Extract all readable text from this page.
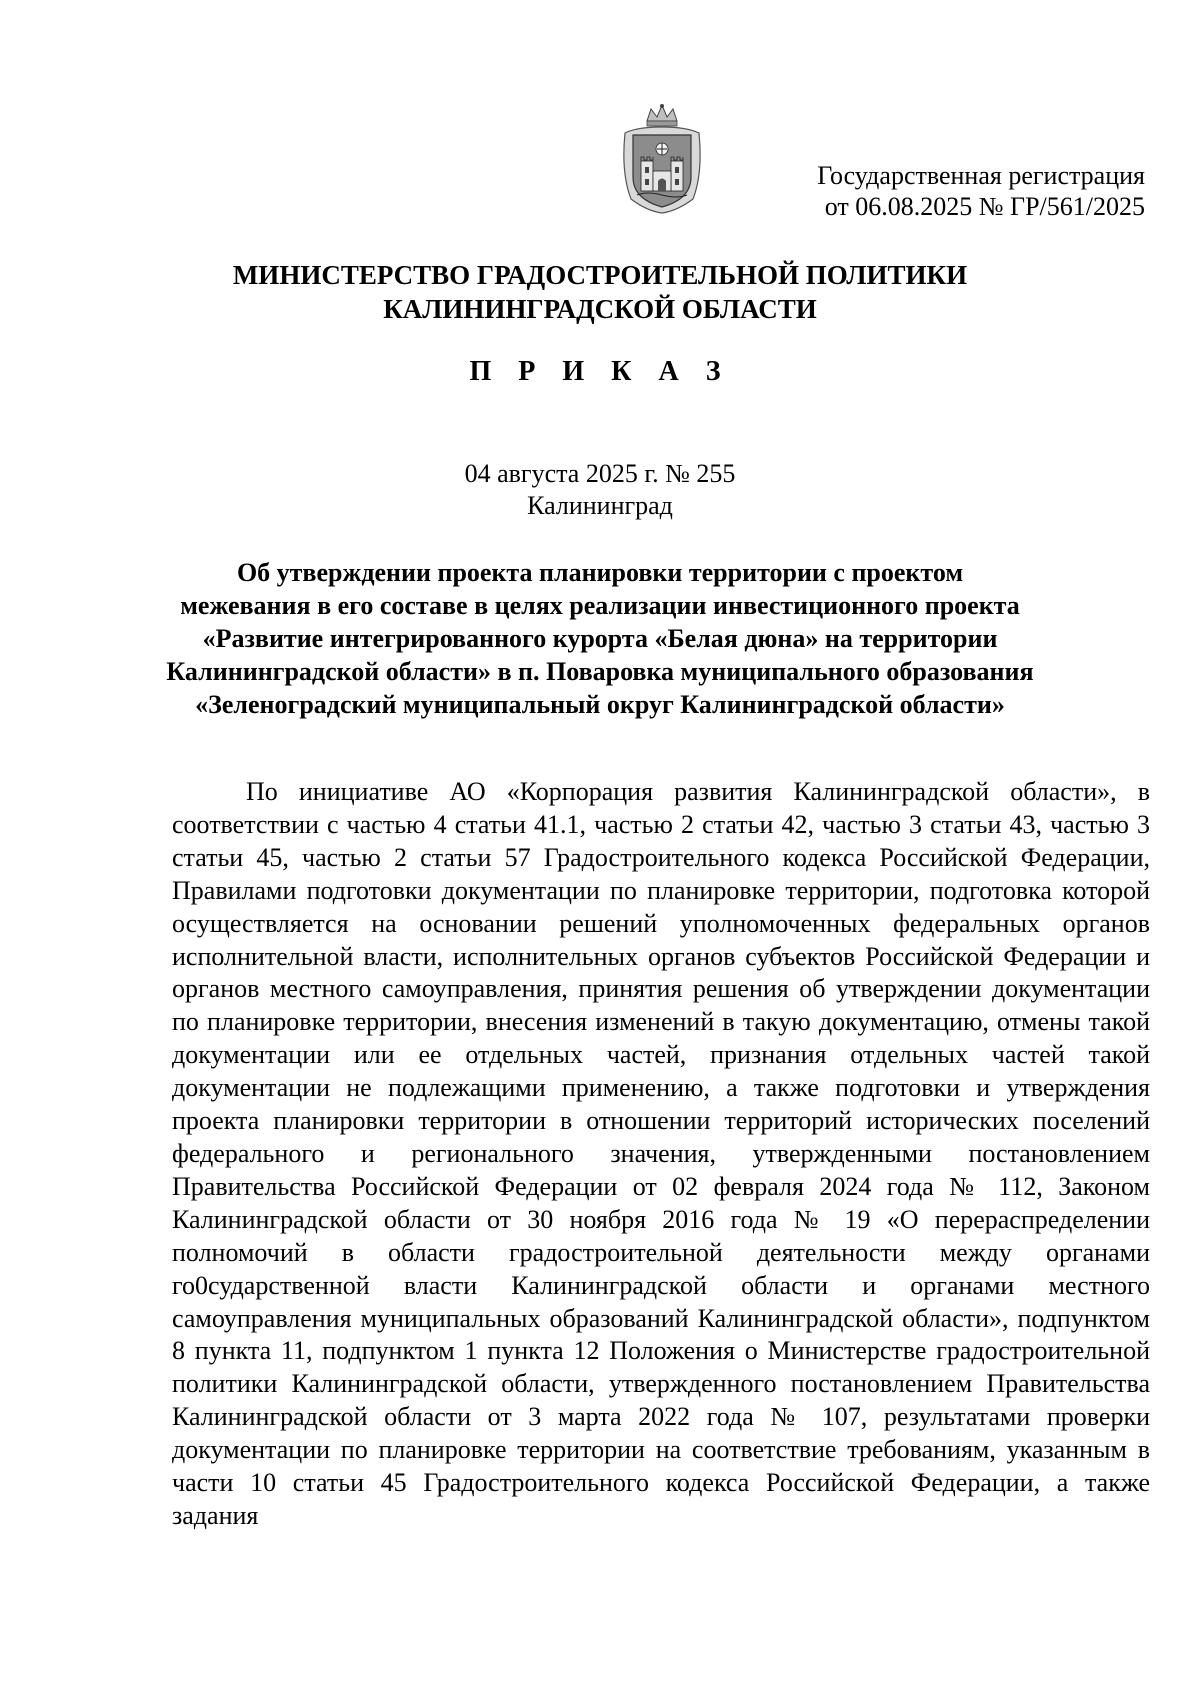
Государственная регистрация
от 06.08.2025 № ГР/561/2025
МИНИСТЕРСТВО ГРАДОСТРОИТЕЛЬНОЙ ПОЛИТИКИ
КАЛИНИНГРАДСКОЙ ОБЛАСТИ
П Р И К А З
04 августа 2025 г. № 255
Калининград
Об утверждении проекта планировки территории с проектом
межевания в его составе в целях реализации инвестиционного проекта
«Развитие интегрированного курорта «Белая дюна» на территории
Калининградской области» в п. Поваровка муниципального образования
«Зеленоградский муниципальный округ Калининградской области»

По инициативе АО «Корпорация развития Калининградской области», в соответствии с частью 4 статьи 41.1, частью 2 статьи 42, частью 3 статьи 43, частью 3 статьи 45, частью 2 статьи 57 Градостроительного кодекса Российской Федерации, Правилами подготовки документации по планировке территории, подготовка которой осуществляется на основании решений уполномоченных федеральных органов исполнительной власти, исполнительных органов субъектов Российской Федерации и органов местного самоуправления, принятия решения об утверждении документации по планировке территории, внесения изменений в такую документацию, отмены такой документации или ее отдельных частей, признания отдельных частей такой документации не подлежащими применению, а также подготовки и утверждения проекта планировки территории в отношении территорий исторических поселений федерального и регионального значения, утвержденными постановлением Правительства Российской Федерации от 02 февраля 2024 года № 112, Законом Калининградской области от 30 ноября 2016 года № 19 «О перераспределении полномочий в области градостроительной деятельности между органами го0сударственной власти Калининградской области и органами местного самоуправления муниципальных образований Калининградской области», подпунктом 8 пункта 11, подпунктом 1 пункта 12 Положения о Министерстве градостроительной политики Калининградской области, утвержденного постановлением Правительства Калининградской области от 3 марта 2022 года № 107, результатами проверки документации по планировке территории на соответствие требованиям, указанным в части 10 статьи 45 Градостроительного кодекса Российской Федерации, а также задания
